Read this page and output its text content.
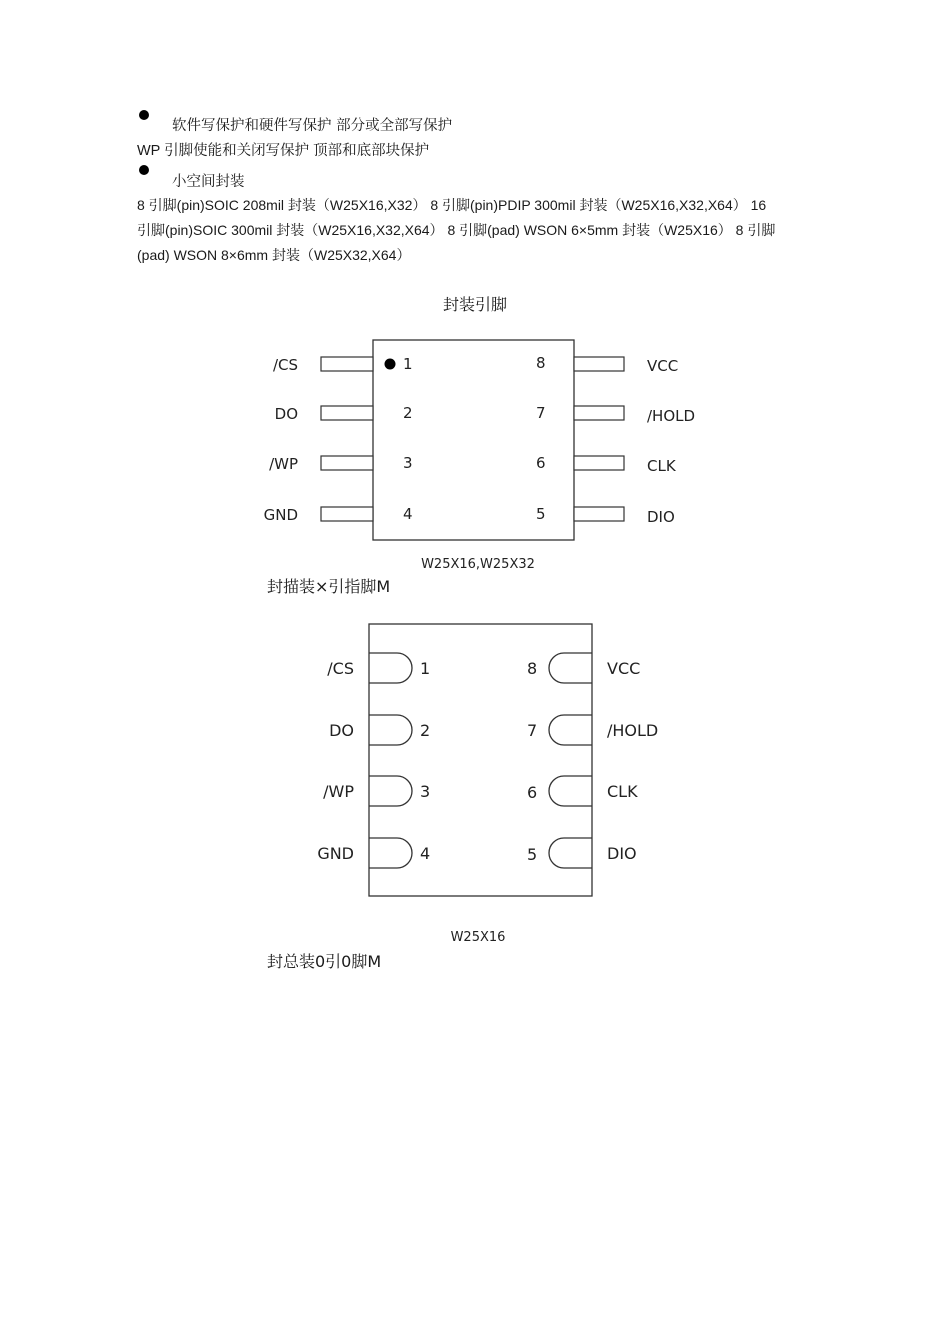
软件写保护和硬件写保护 部分或全部写保护
WP 引脚使能和关闭写保护 顶部和底部块保护
小空间封装
8 引脚(pin)SOIC 208mil 封装（W25X16,X32） 8 引脚(pin)PDIP 300mil 封装（W25X16,X32,X64） 16
引脚(pin)SOIC 300mil 封装（W25X16,X32,X64） 8 引脚(pad) WSON 6×5mm 封装（W25X16） 8 引脚
(pad) WSON 8×6mm 封装（W25X32,X64）
封装引脚
/CS	1
DO	2
/WP	3
GND	4
8	VCC
7	/HOLD
6	CLK
5	DIO
W25X16,W25X32
/CS	1
DO	2
/WP	3
GND	4
8	VCC
7	/HOLD
6	CLK
5	DIO
W25X16
封描装×引指脚M
封总装0引0脚M
